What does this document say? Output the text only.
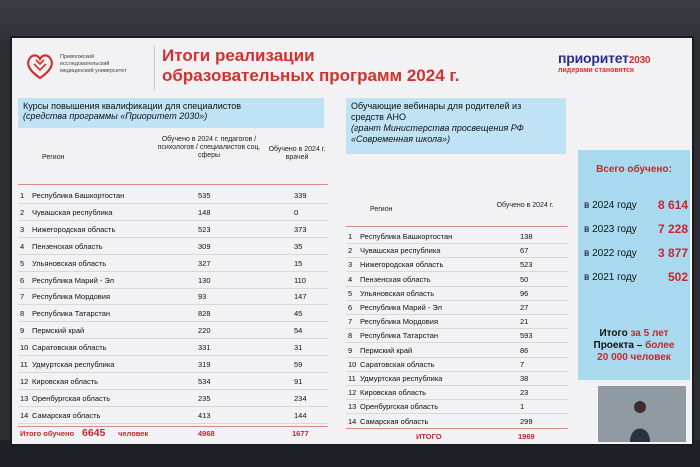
Приволжский
исследовательский
медицинский университет
Итоги реализации образовательных программ 2024 г.
приоритет2030
лидерами становятся
Курсы повышения квалификации для специалистов
(средства программы «Приоритет 2030»)
Регион
Обучено в 2024 г. педагогов / психологов / специалистов соц. сферы
Обучено в 2024 г. врачей
1 Республика Башкортостан	535	339
2 Чувашская республика	148	0
3 Нижегородская область	523	373
4 Пензенская область	309	35
5 Ульяновская область	327	15
6 Республика Марий - Эл	130	110
7 Республика Мордовия	93	147
8 Республика Татарстан	828	45
9 Пермский край	220	54
10 Саратовская область	331	31
11 Удмуртская республика	319	59
12 Кировская область	534	91
13 Оренбургская область	235	234
14 Самарская область	413	144
Итого обучено 6645 человек	4968	1677
Обучающие вебинары для родителей из
средств АНО
(грант Министерства просвещения РФ
«Современная школа»)
Регион
Обучено в 2024 г.
1 Республика Башкортостан	138
2 Чувашская республика	67
3 Нижегородская область	523
4 Пензенская область	50
5 Ульяновская область	96
6 Республика Марий - Эл	27
7 Республика Мордовия	21
8 Республика Татарстан	593
9 Пермский край	86
10 Саратовская область	7
11 Удмуртская республика	38
12 Кировская область	23
13 Оренбургская область	1
14 Самарская область	299
ИТОГО	1969
Всего обучено:
в 2024 году 8 614
в 2023 году 7 228
в 2022 году 3 877
в 2021 году	502
Итого за 5 лет
Проекта – более
20 000 человек
